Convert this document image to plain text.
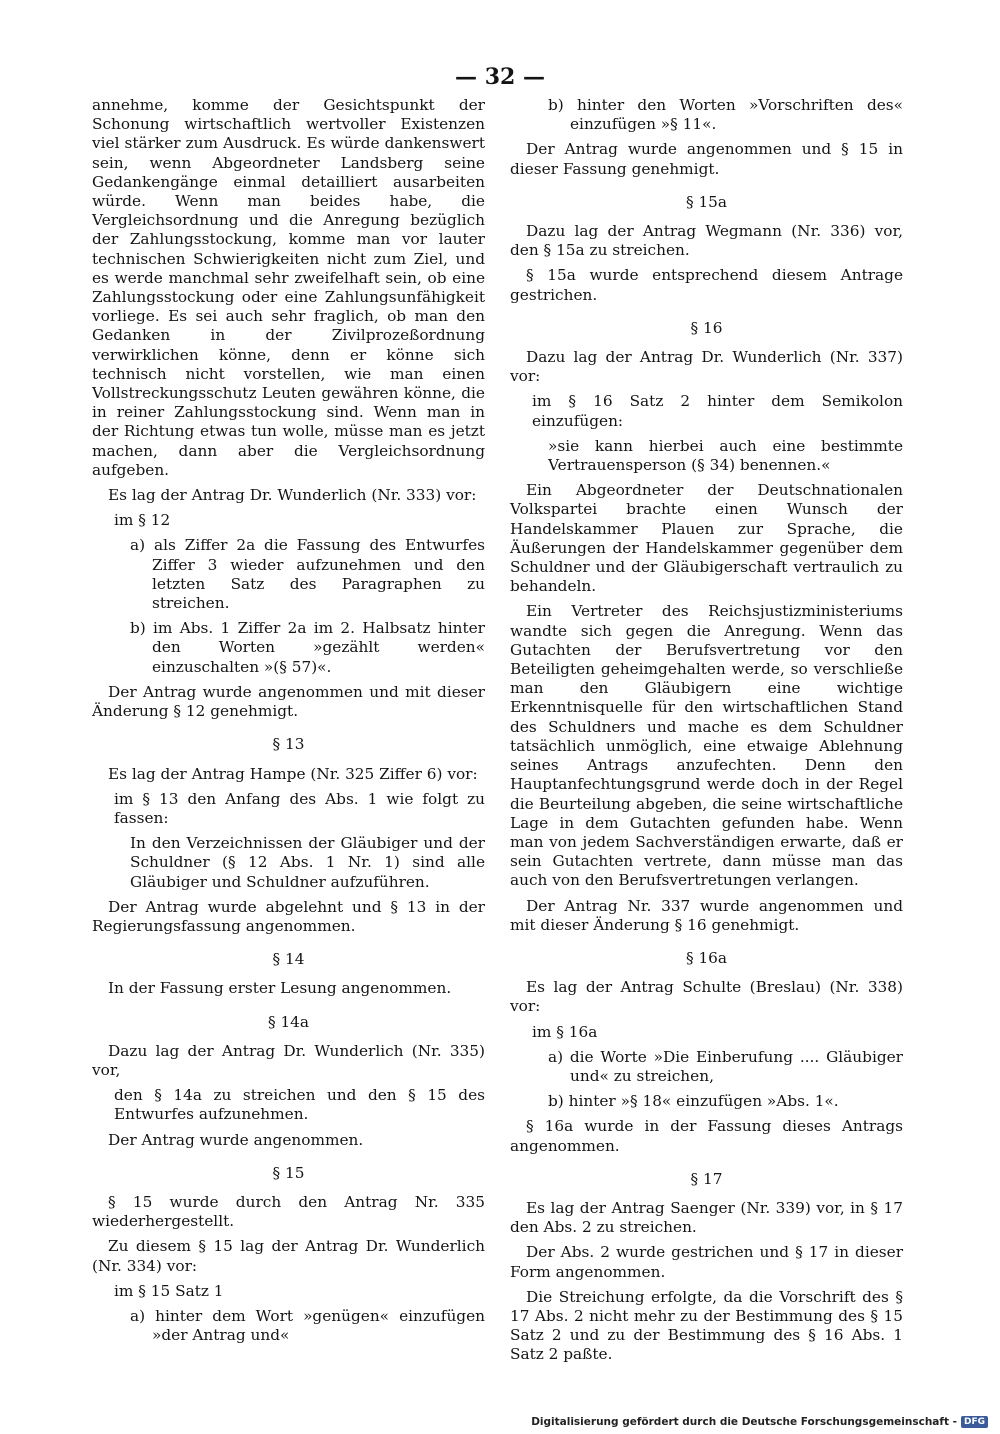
— 32 —

annehme, komme der Gesichtspunkt der Schonung wirtschaftlich wertvoller Existenzen viel stärker zum Ausdruck. Es würde dankenswert sein, wenn Abgeordneter Landsberg seine Gedankengänge einmal detailliert ausarbeiten würde. Wenn man beides habe, die Vergleichsordnung und die Anregung bezüglich der Zahlungsstockung, komme man vor lauter technischen Schwierigkeiten nicht zum Ziel, und es werde manchmal sehr zweifelhaft sein, ob eine Zahlungsstockung oder eine Zahlungsunfähigkeit vorliege. Es sei auch sehr fraglich, ob man den Gedanken in der Zivilprozeßordnung verwirklichen könne, denn er könne sich technisch nicht vorstellen, wie man einen Vollstreckungsschutz Leuten gewähren könne, die in reiner Zahlungsstockung sind. Wenn man in der Richtung etwas tun wolle, müsse man es jetzt machen, dann aber die Vergleichsordnung aufgeben.

Es lag der Antrag Dr. Wunderlich (Nr. 333) vor:

im § 12

a) als Ziffer 2a die Fassung des Entwurfes Ziffer 3 wieder aufzunehmen und den letzten Satz des Paragraphen zu streichen.

b) im Abs. 1 Ziffer 2a im 2. Halbsatz hinter den Worten »gezählt werden« einzuschalten »(§ 57)«.

Der Antrag wurde angenommen und mit dieser Änderung § 12 genehmigt.

§ 13

Es lag der Antrag Hampe (Nr. 325 Ziffer 6) vor:

im § 13 den Anfang des Abs. 1 wie folgt zu fassen:

In den Verzeichnissen der Gläubiger und der Schuldner (§ 12 Abs. 1 Nr. 1) sind alle Gläubiger und Schuldner aufzuführen.

Der Antrag wurde abgelehnt und § 13 in der Regierungsfassung angenommen.

§ 14

In der Fassung erster Lesung angenommen.

§ 14a

Dazu lag der Antrag Dr. Wunderlich (Nr. 335) vor,

den § 14a zu streichen und den § 15 des Entwurfes aufzunehmen.

Der Antrag wurde angenommen.

§ 15

§ 15 wurde durch den Antrag Nr. 335 wiederhergestellt.

Zu diesem § 15 lag der Antrag Dr. Wunderlich (Nr. 334) vor:

im § 15 Satz 1

a) hinter dem Wort »genügen« einzufügen »der Antrag und«

b) hinter den Worten »Vorschriften des« einzufügen »§ 11«.

Der Antrag wurde angenommen und § 15 in dieser Fassung genehmigt.

§ 15a

Dazu lag der Antrag Wegmann (Nr. 336) vor, den § 15a zu streichen.

§ 15a wurde entsprechend diesem Antrage gestrichen.

§ 16

Dazu lag der Antrag Dr. Wunderlich (Nr. 337) vor:

im § 16 Satz 2 hinter dem Semikolon einzufügen:

»sie kann hierbei auch eine bestimmte Vertrauensperson (§ 34) benennen.«

Ein Abgeordneter der Deutschnationalen Volkspartei brachte einen Wunsch der Handelskammer Plauen zur Sprache, die Äußerungen der Handelskammer gegenüber dem Schuldner und der Gläubigerschaft vertraulich zu behandeln.

Ein Vertreter des Reichsjustizministeriums wandte sich gegen die Anregung. Wenn das Gutachten der Berufsvertretung vor den Beteiligten geheimgehalten werde, so verschließe man den Gläubigern eine wichtige Erkenntnisquelle für den wirtschaftlichen Stand des Schuldners und mache es dem Schuldner tatsächlich unmöglich, eine etwaige Ablehnung seines Antrags anzufechten. Denn den Hauptanfechtungsgrund werde doch in der Regel die Beurteilung abgeben, die seine wirtschaftliche Lage in dem Gutachten gefunden habe. Wenn man von jedem Sachverständigen erwarte, daß er sein Gutachten vertrete, dann müsse man das auch von den Berufsvertretungen verlangen.

Der Antrag Nr. 337 wurde angenommen und mit dieser Änderung § 16 genehmigt.

§ 16a

Es lag der Antrag Schulte (Breslau) (Nr. 338) vor:

im § 16a

a) die Worte »Die Einberufung .... Gläubiger und« zu streichen,

b) hinter »§ 18« einzufügen »Abs. 1«.

§ 16a wurde in der Fassung dieses Antrags angenommen.

§ 17

Es lag der Antrag Saenger (Nr. 339) vor, in § 17 den Abs. 2 zu streichen.

Der Abs. 2 wurde gestrichen und § 17 in dieser Form angenommen.

Die Streichung erfolgte, da die Vorschrift des § 17 Abs. 2 nicht mehr zu der Bestimmung des § 15 Satz 2 und zu der Bestimmung des § 16 Abs. 1 Satz 2 paßte.

Digitalisierung gefördert durch die Deutsche Forschungsgemeinschaft - DFG
